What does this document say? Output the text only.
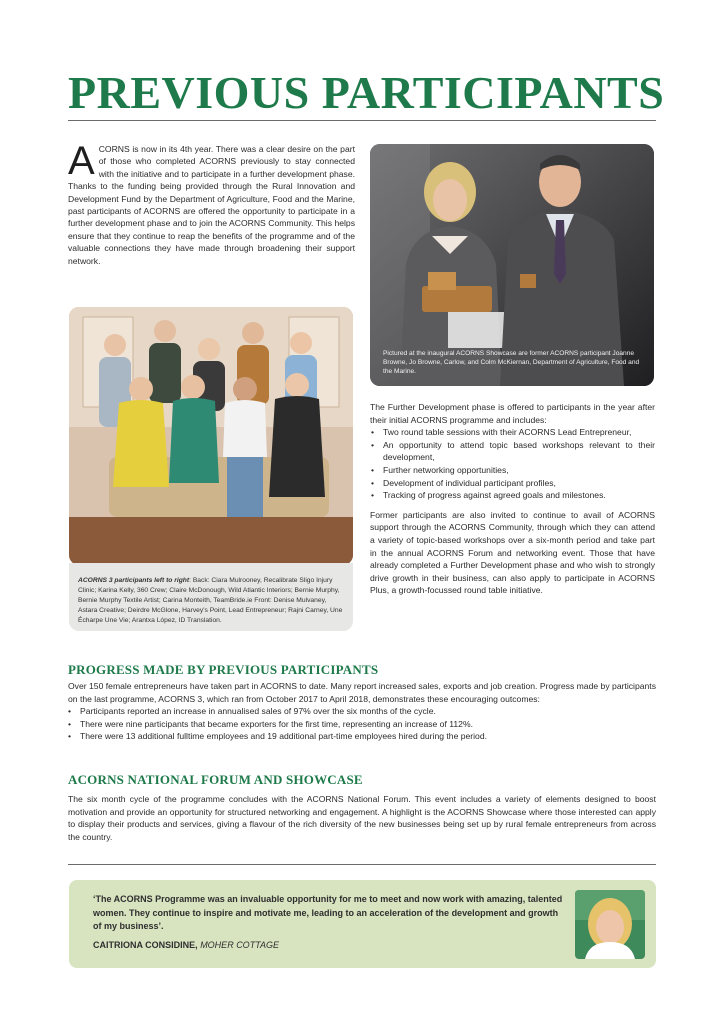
PREVIOUS PARTICIPANTS

ACORNS is now in its 4th year. There was a clear desire on the part of those who completed ACORNS previously to stay connected with the initiative and to participate in a further development phase. Thanks to the funding being provided through the Rural Innovation and Development Fund by the Department of Agriculture, Food and the Marine, past participants of ACORNS are offered the opportunity to participate in a further development phase and to join the ACORNS Community. This helps ensure that they continue to reap the benefits of the programme and of the valuable connections they have made through broadening their support network.

Pictured at the inaugural ACORNS Showcase are former ACORNS participant Joanne Browne, Jo Browne, Carlow, and Colm McKiernan, Department of Agriculture, Food and the Marine.

ACORNS 3 participants left to right: Back: Ciara Mulrooney, Recalibrate Sligo Injury Clinic; Karina Kelly, 360 Crew; Claire McDonough, Wild Atlantic Interiors; Bernie Murphy, Bernie Murphy Textile Artist; Carina Monteith, TeamBride.ie Front: Denise Mulvaney, Astara Creative; Deirdre McGlone, Harvey's Point, Lead Entrepreneur; Rajni Carney, Une Écharpe Une Vie; Arantxa López, ID Translation.

The Further Development phase is offered to participants in the year after their initial ACORNS programme and includes:

• Two round table sessions with their ACORNS Lead Entrepreneur,
• An opportunity to attend topic based workshops relevant to their development,
• Further networking opportunities,
• Development of individual participant profiles,
• Tracking of progress against agreed goals and milestones.

Former participants are also invited to continue to avail of ACORNS support through the ACORNS Community, through which they can attend a variety of topic-based workshops over a six-month period and take part in the annual ACORNS Forum and networking event. Those that have already completed a Further Development phase and who wish to strongly drive growth in their business, can also apply to participate in ACORNS Plus, a growth-focussed round table initiative.

PROGRESS MADE BY PREVIOUS PARTICIPANTS

Over 150 female entrepreneurs have taken part in ACORNS to date. Many report increased sales, exports and job creation. Progress made by participants on the last programme, ACORNS 3, which ran from October 2017 to April 2018, demonstrates these encouraging outcomes:

• Participants reported an increase in annualised sales of 97% over the six months of the cycle.
• There were nine participants that became exporters for the first time, representing an increase of 112%.
• There were 13 additional fulltime employees and 19 additional part-time employees hired during the period.
ACORNS NATIONAL FORUM AND SHOWCASE

The six month cycle of the programme concludes with the ACORNS National Forum. This event includes a variety of elements designed to boost motivation and provide an opportunity for structured networking and engagement. A highlight is the ACORNS Showcase where those interested can apply to display their products and services, giving a flavour of the rich diversity of the new businesses being set up by rural female entrepreneurs from across the country.

‘The ACORNS Programme was an invaluable opportunity for me to meet and now work with amazing, talented women. They continue to inspire and motivate me, leading to an acceleration of the development and growth of my business’.

CAITRIONA CONSIDINE, MOHER COTTAGE
